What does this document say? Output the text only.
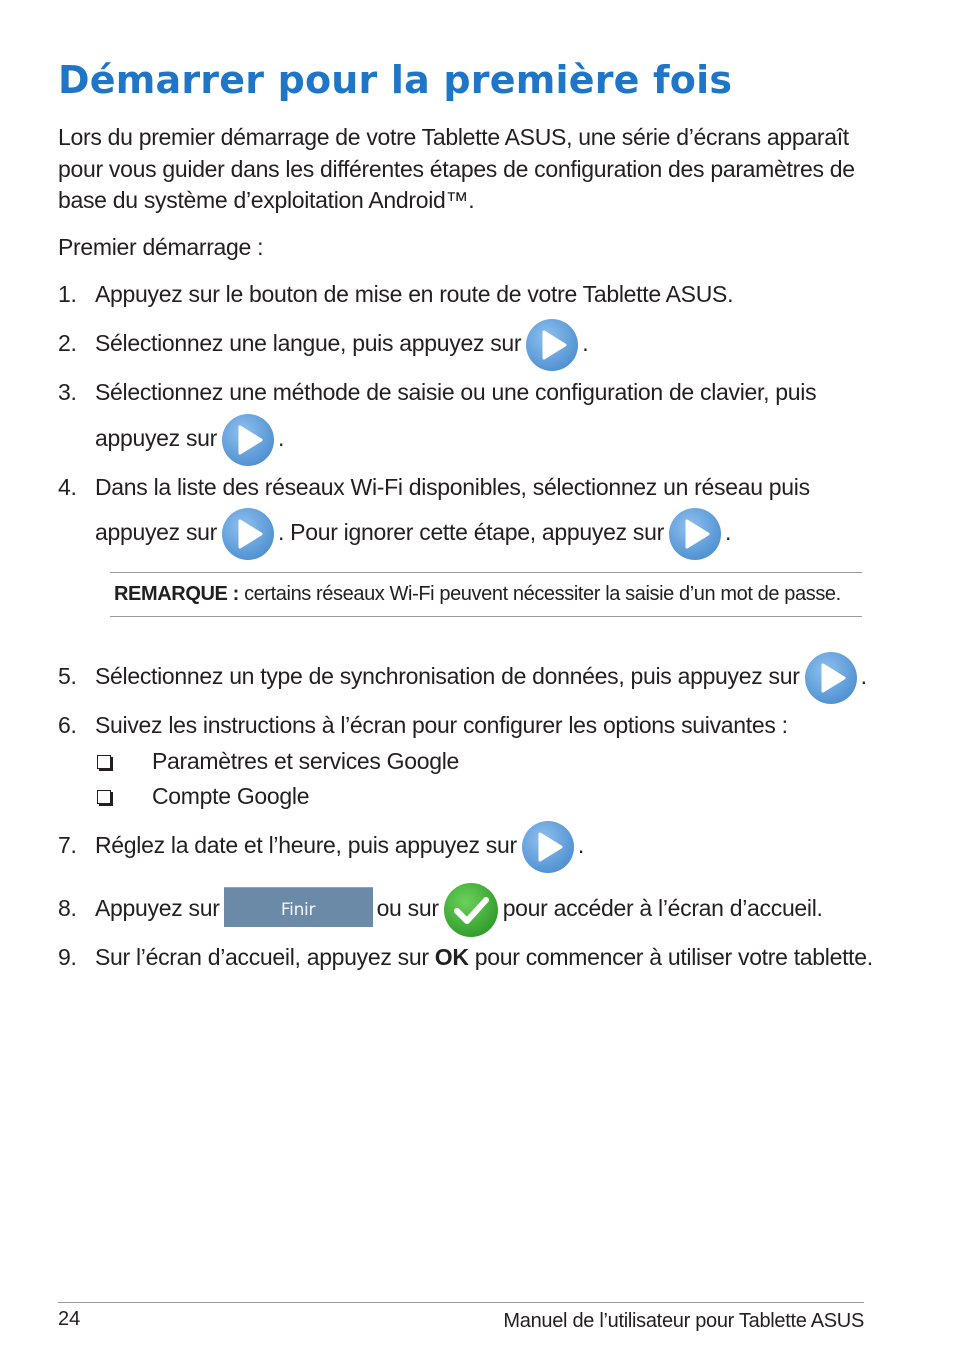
Démarrer pour la première fois

Lors du premier démarrage de votre Tablette ASUS, une série d’écrans apparaît pour vous guider dans les différentes étapes de configuration des paramètres de base du système d’exploitation Android™.

Premier démarrage :

1. Appuyez sur le bouton de mise en route de votre Tablette ASUS.
2. Sélectionnez une langue, puis appuyez sur	.
3. Sélectionnez une méthode de saisie ou une configuration de clavier, puis
appuyez sur	.
4. Dans la liste des réseaux Wi-Fi disponibles, sélectionnez un réseau puis
appuyez sur	. Pour ignorer cette étape, appuyez sur	.
REMARQUE : certains réseaux Wi-Fi peuvent nécessiter la saisie d’un mot de passe.
5. Sélectionnez un type de synchronisation de données, puis appuyez sur	.
6. Suivez les instructions à l’écran pour configurer les options suivantes :
Paramètres et services Google
Compte Google
7. Réglez la date et l’heure, puis appuyez sur	.
8. Appuyez sur	Finir	ou sur	pour accéder à l’écran d’accueil.
9. Sur l’écran d’accueil, appuyez sur OK pour commencer à utiliser votre tablette.
24	Manuel de l’utilisateur pour Tablette ASUS
